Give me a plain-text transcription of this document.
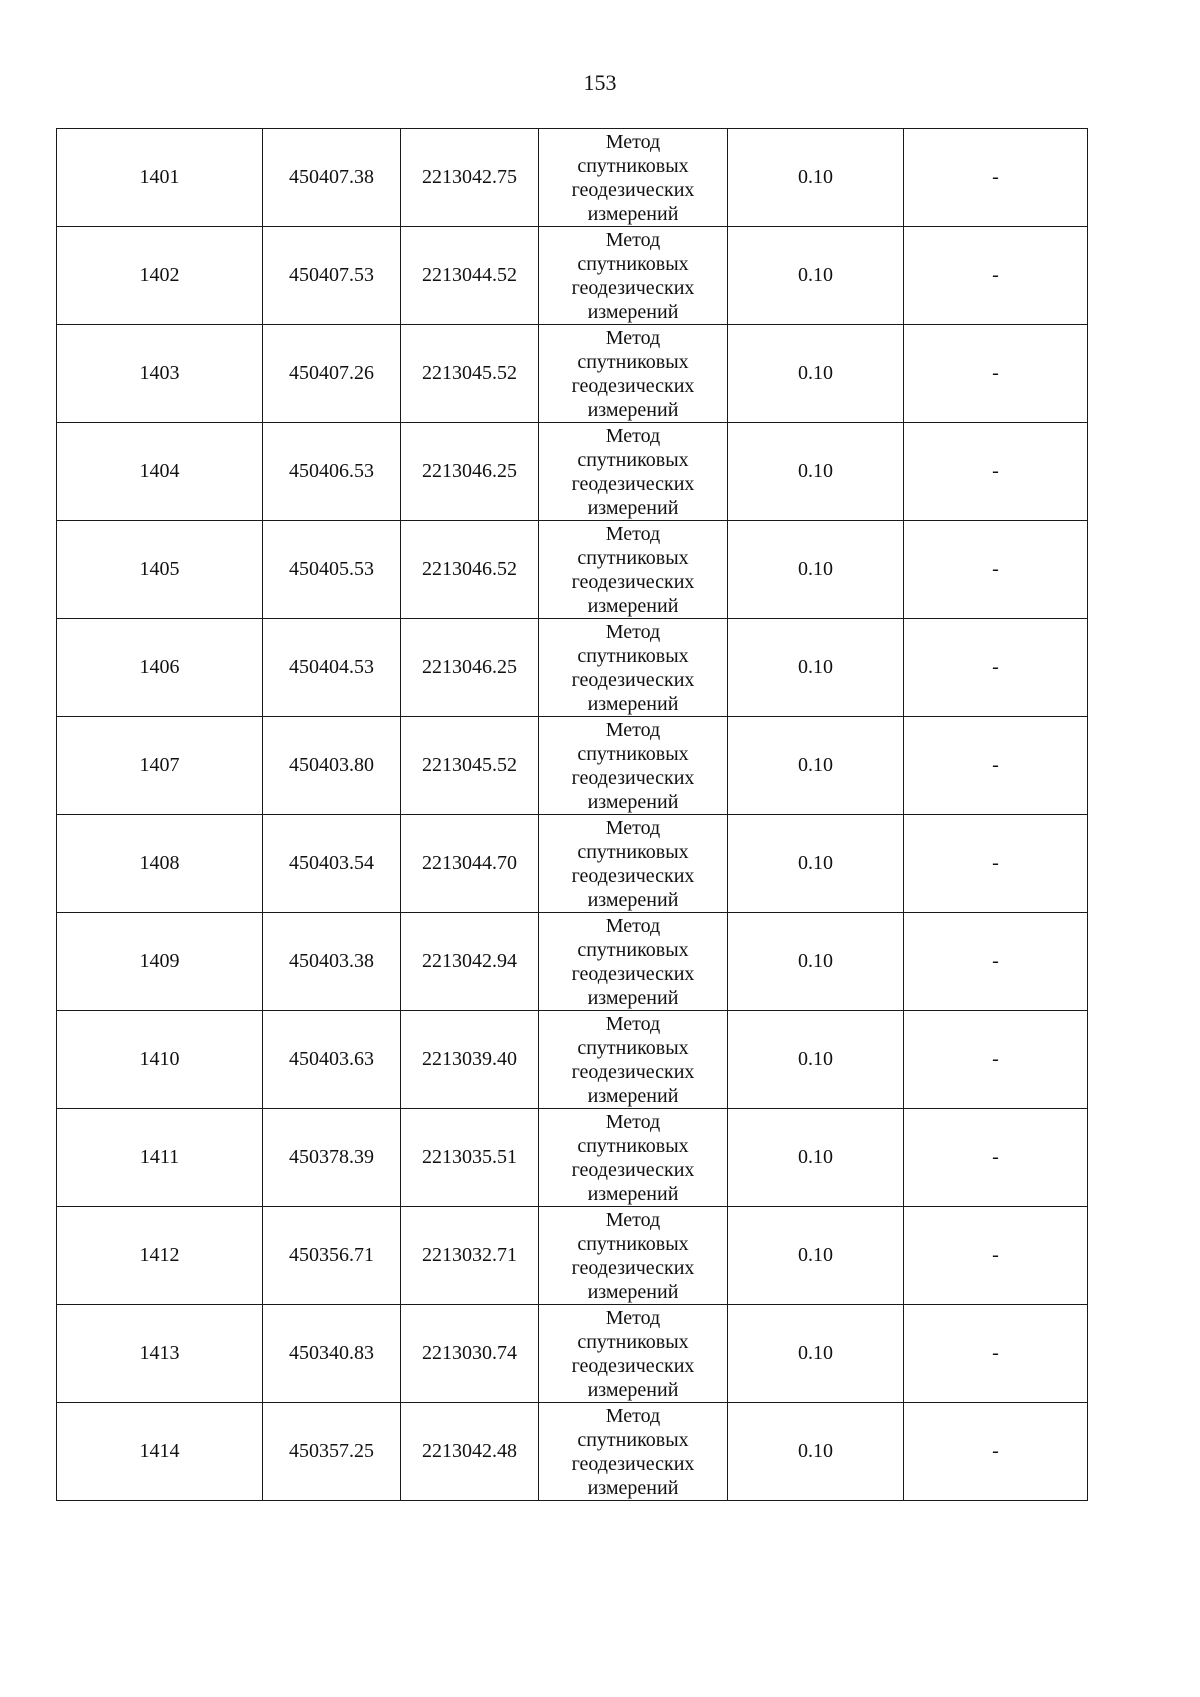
153
1401	450407.38	2213042.75	Метод
спутниковых
геодезических
измерений	0.10	-
1402	450407.53	2213044.52	Метод
спутниковых
геодезических
измерений	0.10	-
1403	450407.26	2213045.52	Метод
спутниковых
геодезических
измерений	0.10	-
1404	450406.53	2213046.25	Метод
спутниковых
геодезических
измерений	0.10	-
1405	450405.53	2213046.52	Метод
спутниковых
геодезических
измерений	0.10	-
1406	450404.53	2213046.25	Метод
спутниковых
геодезических
измерений	0.10	-
1407	450403.80	2213045.52	Метод
спутниковых
геодезических
измерений	0.10	-
1408	450403.54	2213044.70	Метод
спутниковых
геодезических
измерений	0.10	-
1409	450403.38	2213042.94	Метод
спутниковых
геодезических
измерений	0.10	-
1410	450403.63	2213039.40	Метод
спутниковых
геодезических
измерений	0.10	-
1411	450378.39	2213035.51	Метод
спутниковых
геодезических
измерений	0.10	-
1412	450356.71	2213032.71	Метод
спутниковых
геодезических
измерений	0.10	-
1413	450340.83	2213030.74	Метод
спутниковых
геодезических
измерений	0.10	-
1414	450357.25	2213042.48	Метод
спутниковых
геодезических
измерений	0.10	-
